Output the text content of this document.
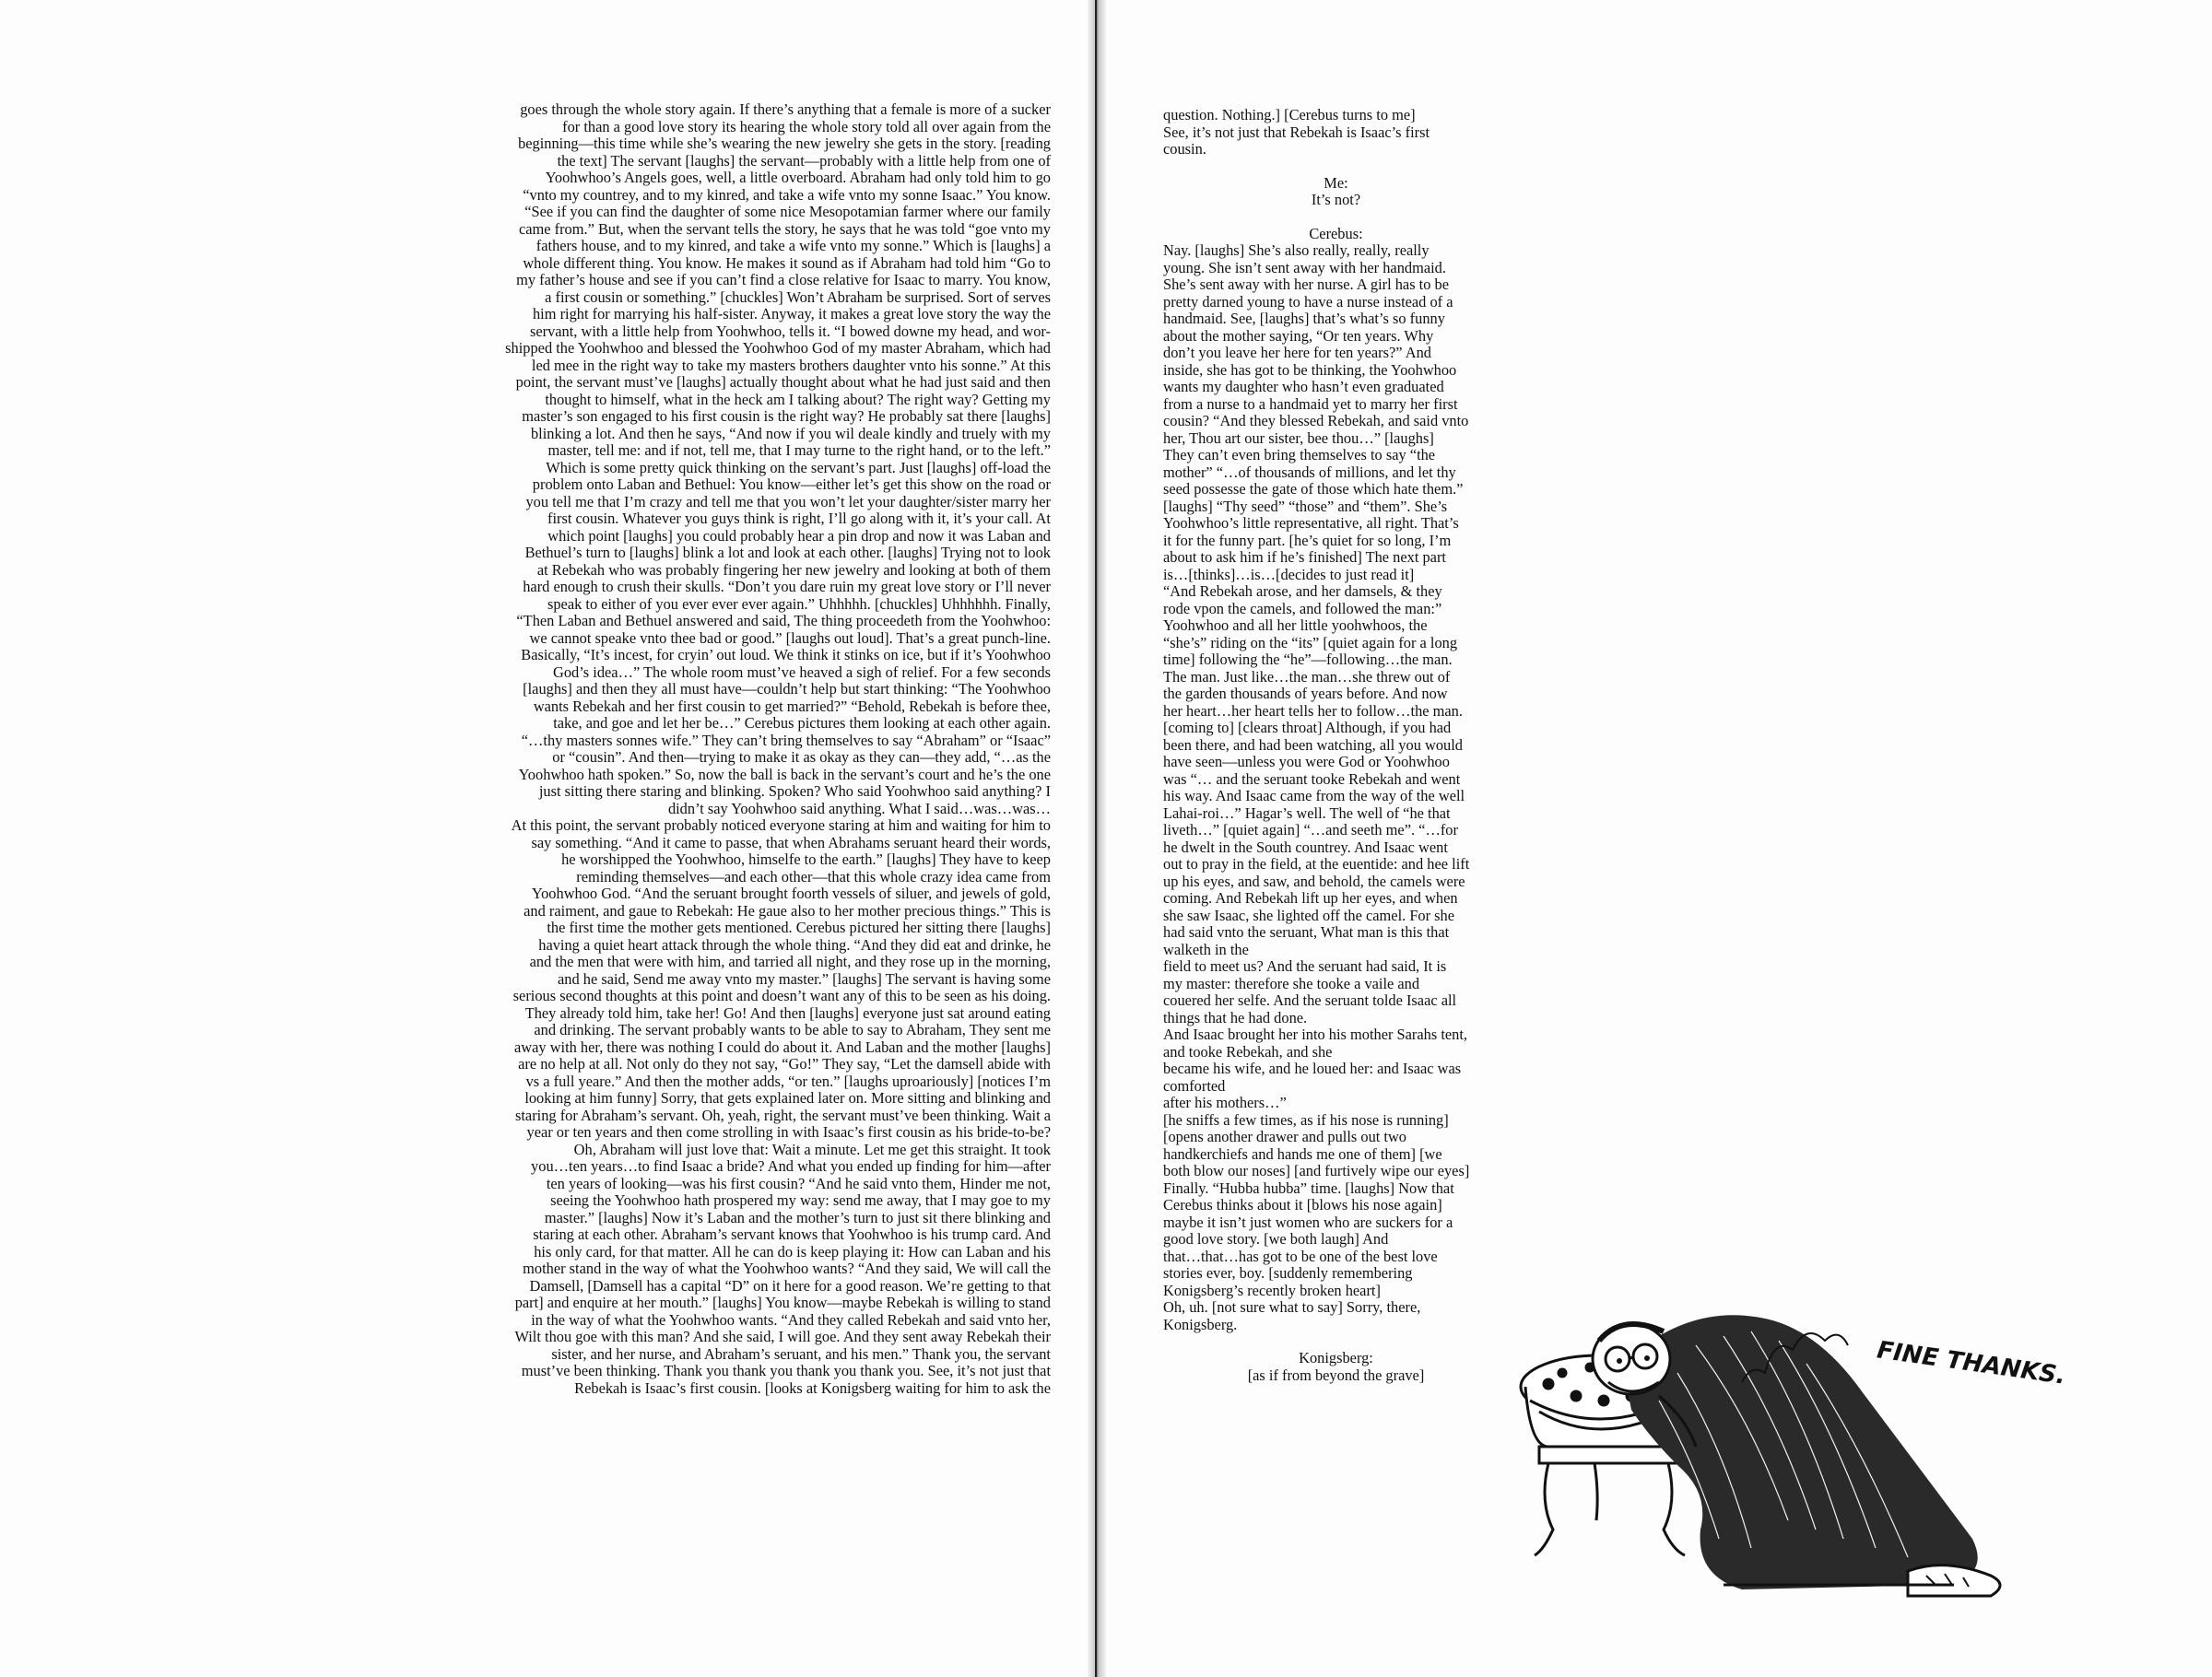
goes through the whole story again. If there’s anything that a female is more of a sucker

for than a good love story its hearing the whole story told all over again from the

beginning—this time while she’s wearing the new jewelry she gets in the story. [reading

the text] The servant [laughs] the servant—probably with a little help from one of

Yoohwhoo’s Angels goes, well, a little overboard. Abraham had only told him to go

“vnto my countrey, and to my kinred, and take a wife vnto my sonne Isaac.” You know.

“See if you can find the daughter of some nice Mesopotamian farmer where our family

came from.” But, when the servant tells the story, he says that he was told “goe vnto my

fathers house, and to my kinred, and take a wife vnto my sonne.” Which is [laughs] a

whole different thing. You know. He makes it sound as if Abraham had told him “Go to

my father’s house and see if you can’t find a close relative for Isaac to marry. You know,

a first cousin or something.” [chuckles] Won’t Abraham be surprised. Sort of serves

him right for marrying his half-sister. Anyway, it makes a great love story the way the

servant, with a little help from Yoohwhoo, tells it. “I bowed downe my head, and wor-

shipped the Yoohwhoo and blessed the Yoohwhoo God of my master Abraham, which had

led mee in the right way to take my masters brothers daughter vnto his sonne.” At this

point, the servant must’ve [laughs] actually thought about what he had just said and then

thought to himself, what in the heck am I talking about? The right way? Getting my

master’s son engaged to his first cousin is the right way? He probably sat there [laughs]

blinking a lot. And then he says, “And now if you wil deale kindly and truely with my

master, tell me: and if not, tell me, that I may turne to the right hand, or to the left.”

Which is some pretty quick thinking on the servant’s part. Just [laughs] off-load the

problem onto Laban and Bethuel: You know—either let’s get this show on the road or

you tell me that I’m crazy and tell me that you won’t let your daughter/sister marry her

first cousin. Whatever you guys think is right, I’ll go along with it, it’s your call. At

which point [laughs] you could probably hear a pin drop and now it was Laban and

Bethuel’s turn to [laughs] blink a lot and look at each other. [laughs] Trying not to look

at Rebekah who was probably fingering her new jewelry and looking at both of them

hard enough to crush their skulls. “Don’t you dare ruin my great love story or I’ll never

speak to either of you ever ever ever again.” Uhhhhh. [chuckles] Uhhhhhh. Finally,

“Then Laban and Bethuel answered and said, The thing proceedeth from the Yoohwhoo:

we cannot speake vnto thee bad or good.” [laughs out loud]. That’s a great punch-line.

Basically, “It’s incest, for cryin’ out loud. We think it stinks on ice, but if it’s Yoohwhoo

God’s idea…” The whole room must’ve heaved a sigh of relief. For a few seconds

[laughs] and then they all must have—couldn’t help but start thinking: “The Yoohwhoo

wants Rebekah and her first cousin to get married?” “Behold, Rebekah is before thee,

take, and goe and let her be…” Cerebus pictures them looking at each other again.

“…thy masters sonnes wife.” They can’t bring themselves to say “Abraham” or “Isaac”

or “cousin”. And then—trying to make it as okay as they can—they add, “…as the

Yoohwhoo hath spoken.” So, now the ball is back in the servant’s court and he’s the one

just sitting there staring and blinking. Spoken? Who said Yoohwhoo said anything? I

didn’t say Yoohwhoo said anything. What I said…was…was…

At this point, the servant probably noticed everyone staring at him and waiting for him to

say something. “And it came to passe, that when Abrahams seruant heard their words,

he worshipped the Yoohwhoo, himselfe to the earth.” [laughs] They have to keep

reminding themselves—and each other—that this whole crazy idea came from

Yoohwhoo God. “And the seruant brought foorth vessels of siluer, and jewels of gold,

and raiment, and gaue to Rebekah: He gaue also to her mother precious things.” This is

the first time the mother gets mentioned. Cerebus pictured her sitting there [laughs]

having a quiet heart attack through the whole thing. “And they did eat and drinke, he

and the men that were with him, and tarried all night, and they rose up in the morning,

and he said, Send me away vnto my master.” [laughs] The servant is having some

serious second thoughts at this point and doesn’t want any of this to be seen as his doing.

They already told him, take her! Go! And then [laughs] everyone just sat around eating

and drinking. The servant probably wants to be able to say to Abraham, They sent me

away with her, there was nothing I could do about it. And Laban and the mother [laughs]

are no help at all. Not only do they not say, “Go!” They say, “Let the damsell abide with

vs a full yeare.” And then the mother adds, “or ten.” [laughs uproariously] [notices I’m

looking at him funny] Sorry, that gets explained later on. More sitting and blinking and

staring for Abraham’s servant. Oh, yeah, right, the servant must’ve been thinking. Wait a

year or ten years and then come strolling in with Isaac’s first cousin as his bride-to-be?

Oh, Abraham will just love that: Wait a minute. Let me get this straight. It took

you…ten years…to find Isaac a bride? And what you ended up finding for him—after

ten years of looking—was his first cousin? “And he said vnto them, Hinder me not,

seeing the Yoohwhoo hath prospered my way: send me away, that I may goe to my

master.” [laughs] Now it’s Laban and the mother’s turn to just sit there blinking and

staring at each other. Abraham’s servant knows that Yoohwhoo is his trump card. And

his only card, for that matter. All he can do is keep playing it: How can Laban and his

mother stand in the way of what the Yoohwhoo wants? “And they said, We will call the

Damsell, [Damsell has a capital “D” on it here for a good reason. We’re getting to that

part] and enquire at her mouth.” [laughs] You know—maybe Rebekah is willing to stand

in the way of what the Yoohwhoo wants. “And they called Rebekah and said vnto her,

Wilt thou goe with this man? And she said, I will goe. And they sent away Rebekah their

sister, and her nurse, and Abraham’s seruant, and his men.” Thank you, the servant

must’ve been thinking. Thank you thank you thank you thank you. See, it’s not just that

Rebekah is Isaac’s first cousin. [looks at Konigsberg waiting for him to ask the

question. Nothing.] [Cerebus turns to me]

See, it’s not just that Rebekah is Isaac’s first

cousin.

Me:

It’s not?

Cerebus:

Nay. [laughs] She’s also really, really, really

young. She isn’t sent away with her handmaid.

She’s sent away with her nurse. A girl has to be

pretty darned young to have a nurse instead of a

handmaid. See, [laughs] that’s what’s so funny

about the mother saying, “Or ten years. Why

don’t you leave her here for ten years?” And

inside, she has got to be thinking, the Yoohwhoo

wants my daughter who hasn’t even graduated

from a nurse to a handmaid yet to marry her first

cousin? “And they blessed Rebekah, and said vnto

her, Thou art our sister, bee thou…” [laughs]

They can’t even bring themselves to say “the

mother” “…of thousands of millions, and let thy

seed possesse the gate of those which hate them.”

[laughs] “Thy seed” “those” and “them”. She’s

Yoohwhoo’s little representative, all right. That’s

it for the funny part. [he’s quiet for so long, I’m

about to ask him if he’s finished] The next part

is…[thinks]…is…[decides to just read it]

“And Rebekah arose, and her damsels, & they

rode vpon the camels, and followed the man:”

Yoohwhoo and all her little yoohwhoos, the

“she’s” riding on the “its” [quiet again for a long

time] following the “he”—following…the man.

The man. Just like…the man…she threw out of

the garden thousands of years before. And now

her heart…her heart tells her to follow…the man.

[coming to] [clears throat] Although, if you had

been there, and had been watching, all you would

have seen—unless you were God or Yoohwhoo

was “… and the seruant tooke Rebekah and went

his way. And Isaac came from the way of the well

Lahai-roi…” Hagar’s well. The well of “he that

liveth…” [quiet again] “…and seeth me”. “…for

he dwelt in the South countrey. And Isaac went

out to pray in the field, at the euentide: and hee lift

up his eyes, and saw, and behold, the camels were

coming. And Rebekah lift up her eyes, and when

she saw Isaac, she lighted off the camel. For she

had said vnto the seruant, What man is this that

walketh in the

field to meet us? And the seruant had said, It is

my master: therefore she tooke a vaile and

couered her selfe. And the seruant tolde Isaac all

things that he had done.

And Isaac brought her into his mother Sarahs tent,

and tooke Rebekah, and she

became his wife, and he loued her: and Isaac was

comforted

after his mothers…”

[he sniffs a few times, as if his nose is running]

[opens another drawer and pulls out two

handkerchiefs and hands me one of them] [we

both blow our noses] [and furtively wipe our eyes]

Finally. “Hubba hubba” time. [laughs] Now that

Cerebus thinks about it [blows his nose again]

maybe it isn’t just women who are suckers for a

good love story. [we both laugh] And

that…that…has got to be one of the best love

stories ever, boy. [suddenly remembering

Konigsberg’s recently broken heart]

Oh, uh. [not sure what to say] Sorry, there,

Konigsberg.

Konigsberg:

[as if from beyond the grave]	FINE THANKS.
